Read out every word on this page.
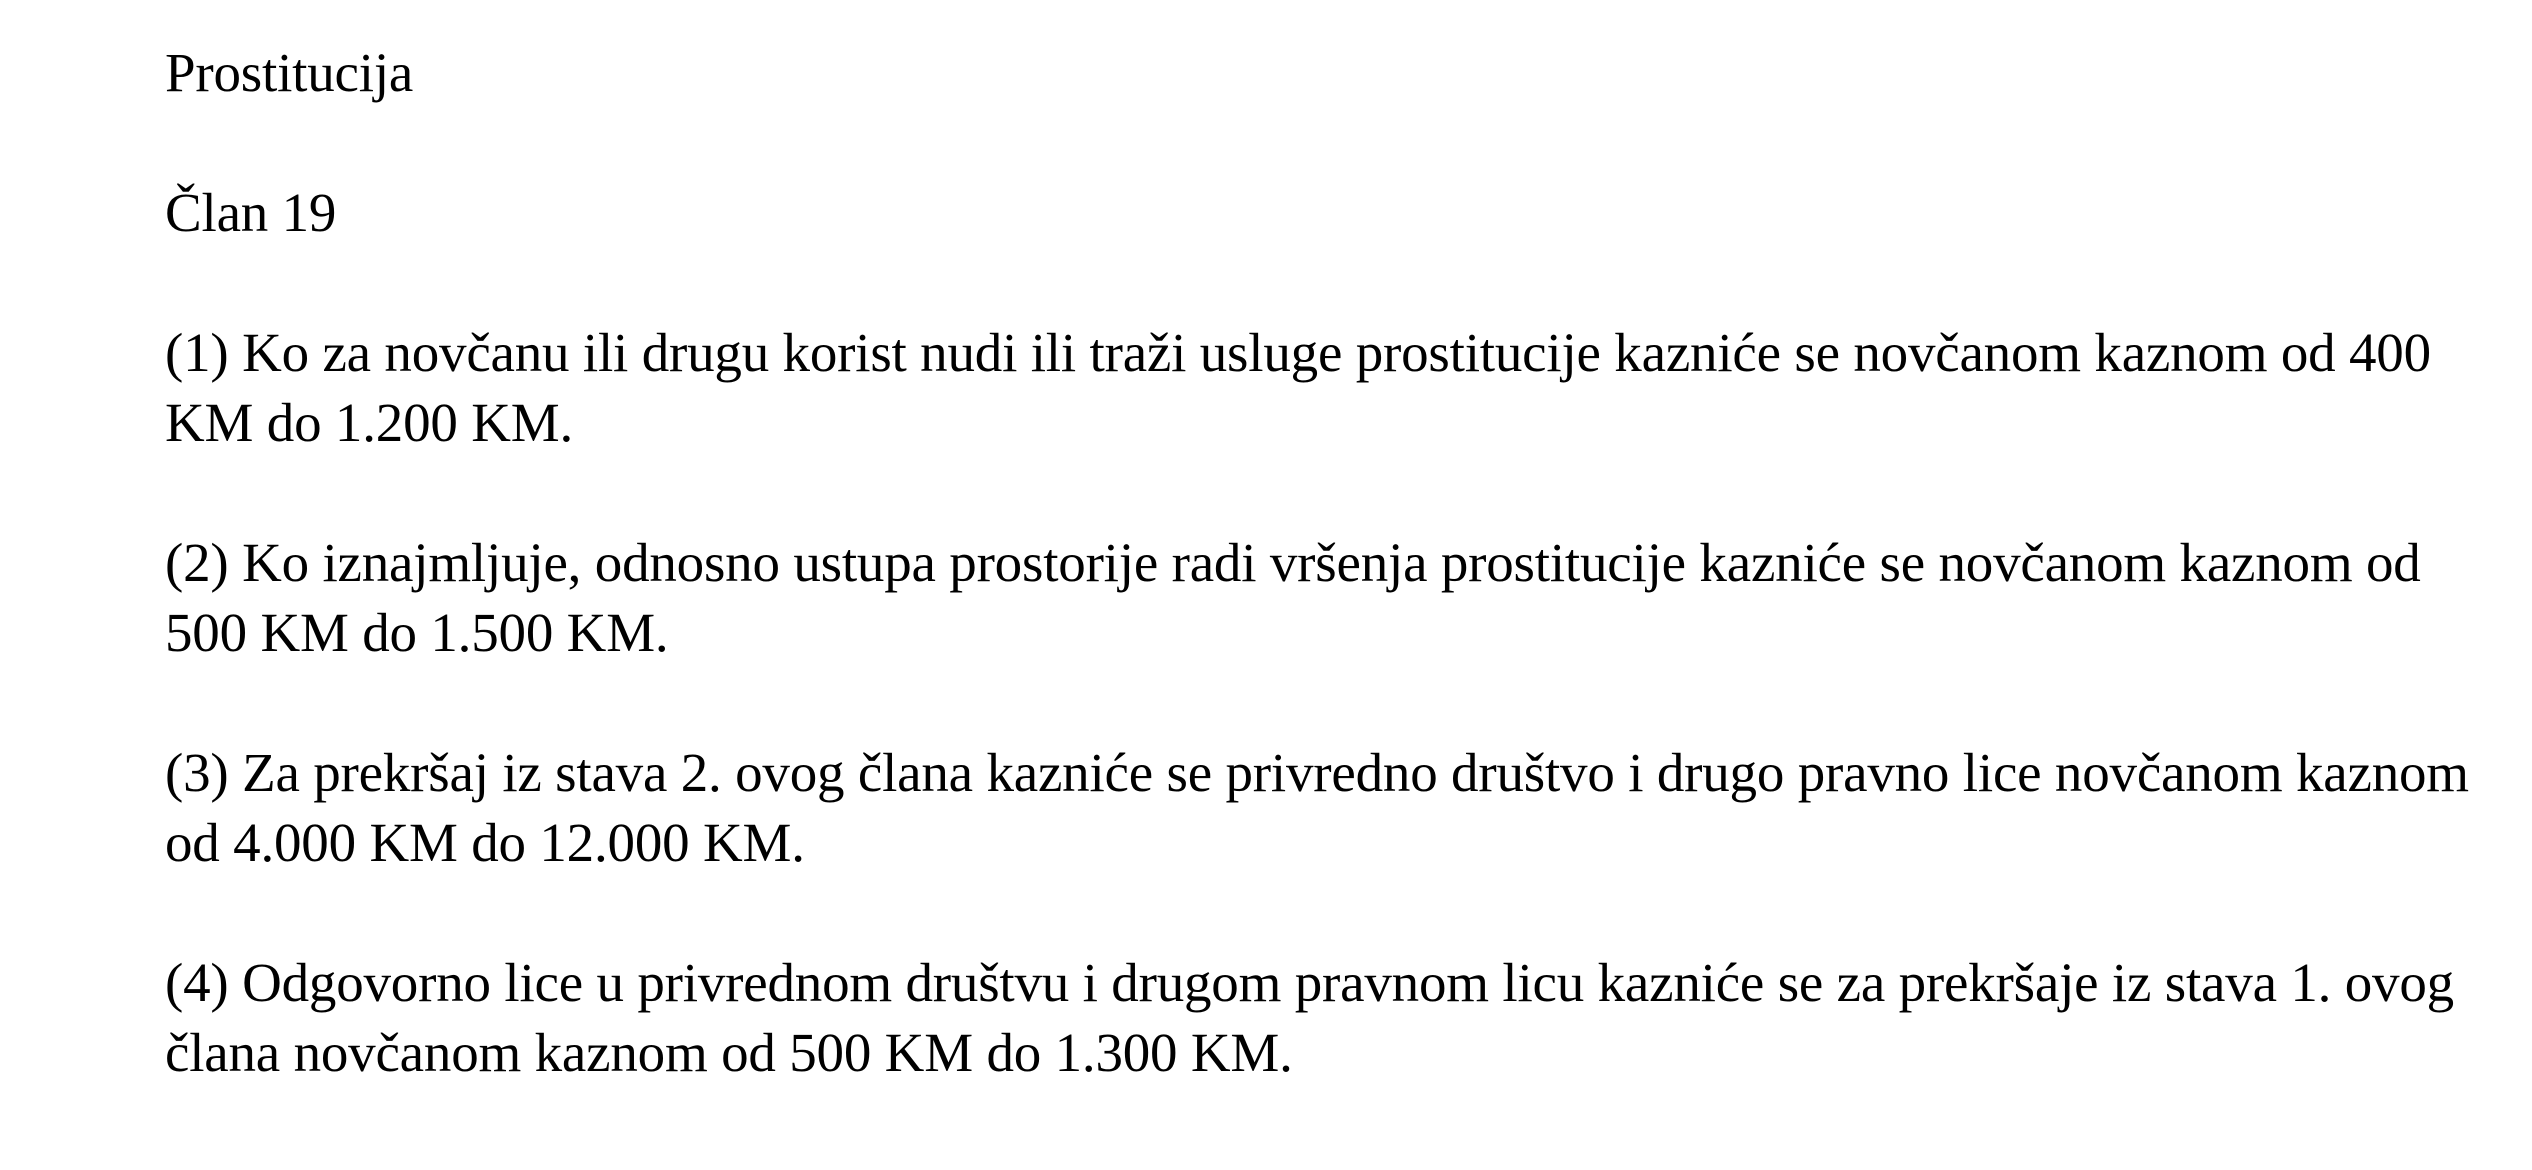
Prostitucija

Član 19

(1) Ko za novčanu ili drugu korist nudi ili traži usluge prostitucije kazniće se novčanom kaznom od 400 KM do 1.200 KM.

(2) Ko iznajmljuje, odnosno ustupa prostorije radi vršenja prostitucije kazniće se novčanom kaznom od 500 KM do 1.500 KM.

(3) Za prekršaj iz stava 2. ovog člana kazniće se privredno društvo i drugo pravno lice novčanom kaznom od 4.000 KM do 12.000 KM.

(4) Odgovorno lice u privrednom društvu i drugom pravnom licu kazniće se za prekršaje iz stava 1. ovog člana novčanom kaznom od 500 KM do 1.300 KM.
